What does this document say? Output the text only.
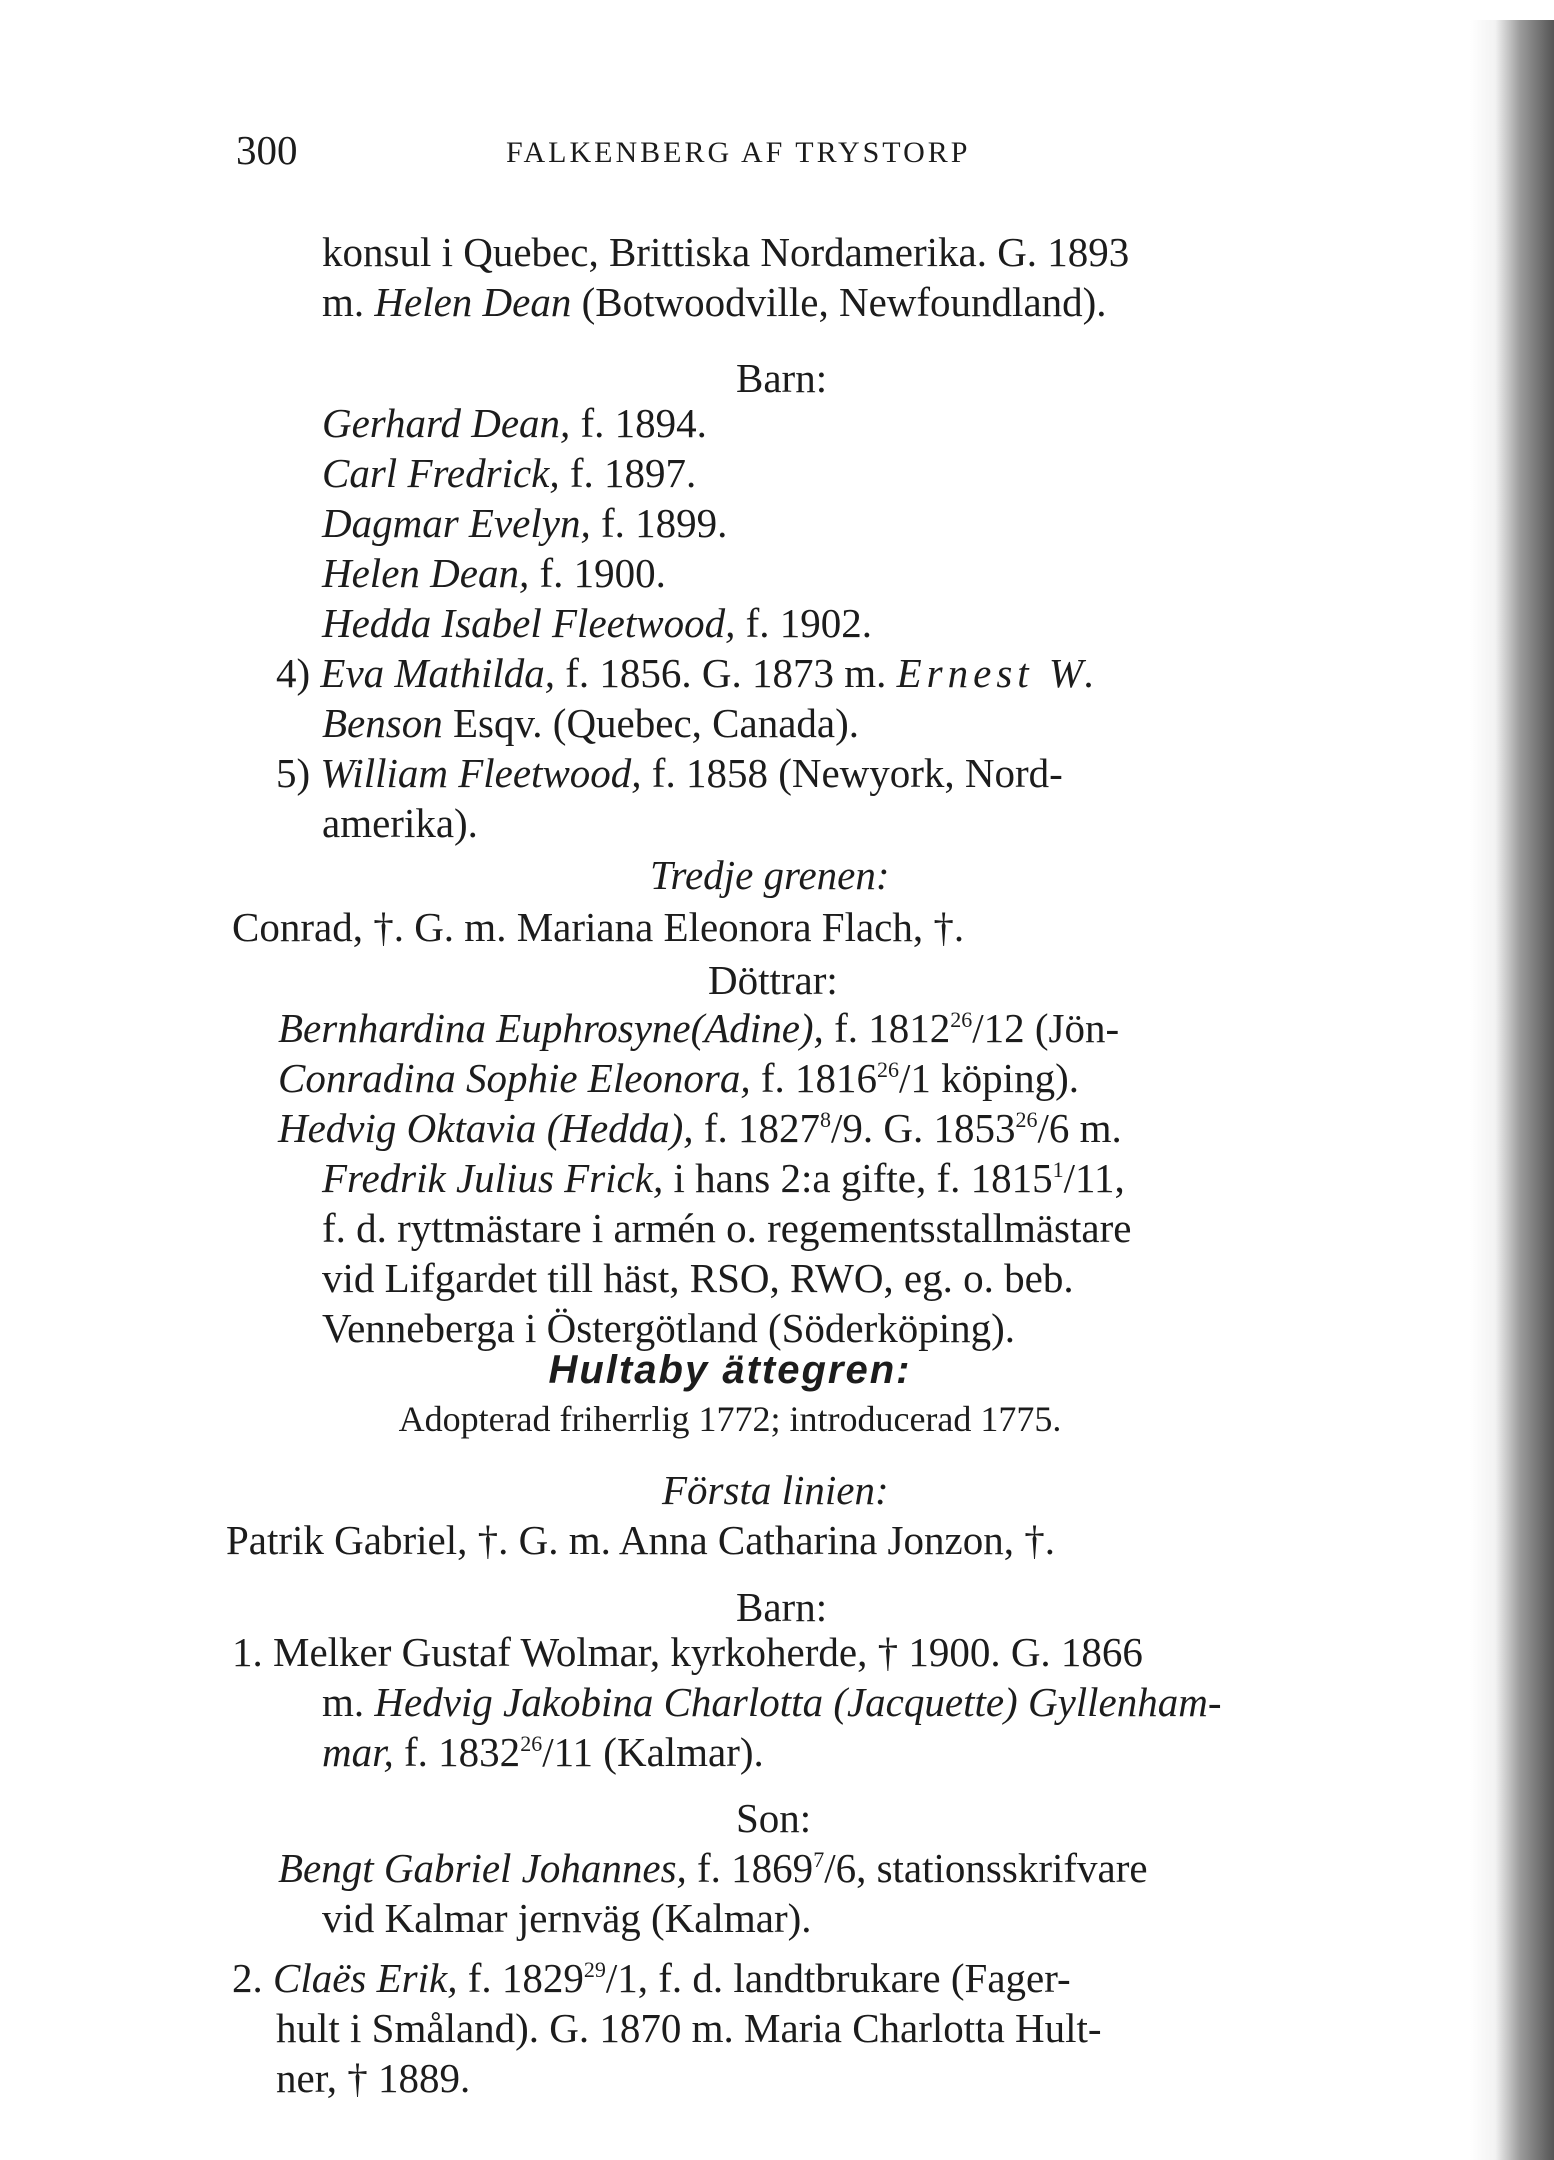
300	FALKENBERG AF TRYSTORP
konsul i Quebec, Brittiska Nordamerika. G. 1893
m. Helen Dean (Botwoodville, Newfoundland).
Barn:
Gerhard Dean, f. 1894.
Carl Fredrick, f. 1897.
Dagmar Evelyn, f. 1899.
Helen Dean, f. 1900.
Hedda Isabel Fleetwood, f. 1902.
4) Eva Mathilda, f. 1856. G. 1873 m. Ernest W.
Benson Esqv. (Quebec, Canada).
5) William Fleetwood, f. 1858 (Newyork, Nord-
amerika).
Tredje grenen:
Conrad, †. G. m. Mariana Eleonora Flach, †.
Döttrar:
Bernhardina Euphrosyne(Adine), f. 1812$^{26}$/12 (Jön-
Conradina Sophie Eleonora, f. 1816$^{26}$/1 köping).
Hedvig Oktavia (Hedda), f. 1827$^8$/9. G. 1853$^{26}$/6 m.
Fredrik Julius Frick, i hans 2:a gifte, f. 1815$^1$/11,
f. d. ryttmästare i armén o. regementsstallmästare
vid Lifgardet till häst, RSO, RWO, eg. o. beb.
Venneberga i Östergötland (Söderköping).
Hultaby ättegren:
Adopterad friherrlig 1772; introducerad 1775.
Första linien:
Patrik Gabriel, †. G. m. Anna Catharina Jonzon, †.
Barn:
1. Melker Gustaf Wolmar, kyrkoherde, † 1900. G. 1866
m. Hedvig Jakobina Charlotta (Jacquette) Gyllenham-
mar, f. 1832$^{26}$/11 (Kalmar).
Son:
Bengt Gabriel Johannes, f. 1869$^7$/6, stationsskrifvare
vid Kalmar jernväg (Kalmar).
2. Claës Erik, f. 1829$^{29}$/1, f. d. landtbrukare (Fager-
hult i Småland). G. 1870 m. Maria Charlotta Hult-
ner, † 1889.
